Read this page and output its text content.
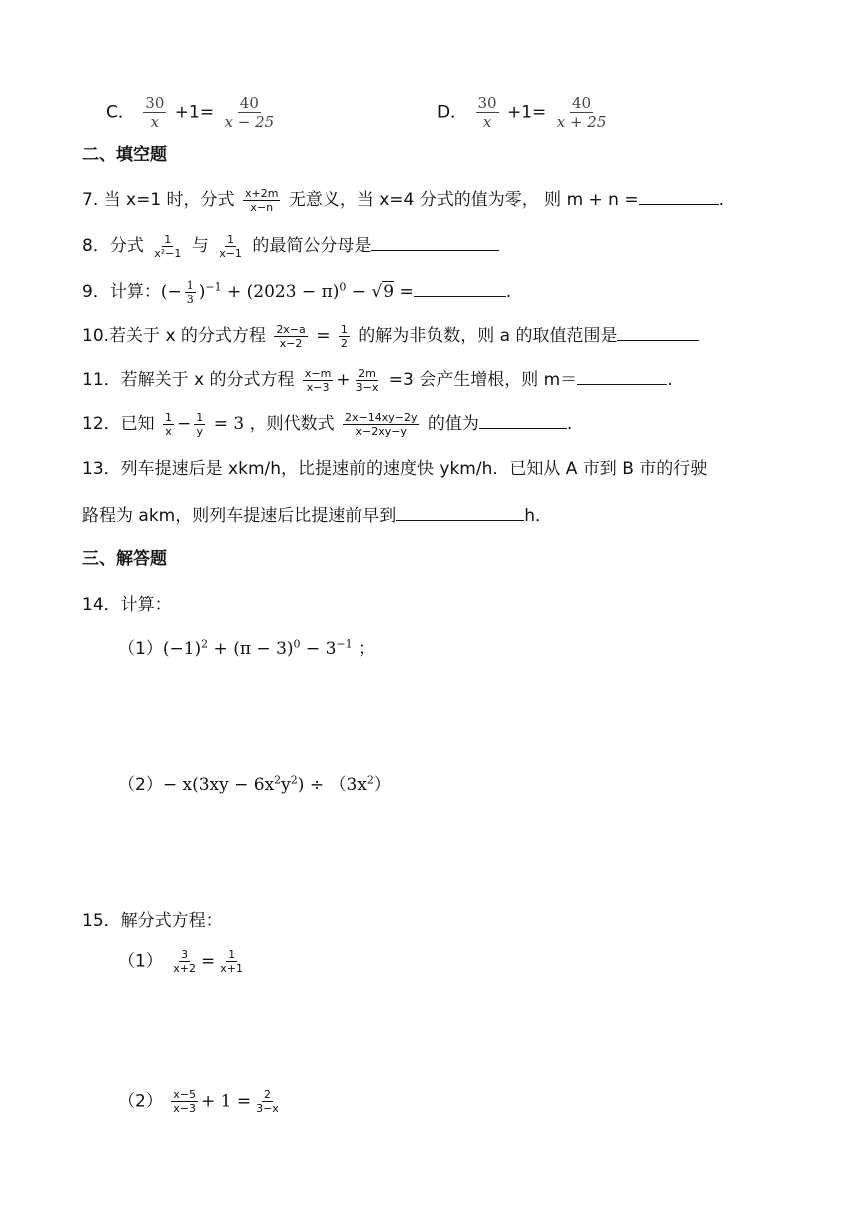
C． $\frac{30}{x} +1= \frac{40}{x - 25}$	D． $\frac{30}{x} +1= \frac{40}{x + 25}$
二、填空题
7. 当 x=1 时，分式 $\frac{x+2m}{x-n}$ 无意义，当 x=4 分式的值为零， 则 m + n =	.
8．分式 $\frac{1}{\text{x²−1}}$ 与 $\frac{1}{x-1}$ 的最简公分母是
9．计算：(− $\frac{1}{3} )^{-1} + (2023 - \pi)^0 - √9$ =	.
10.若关于 x 的分式方程 $\frac{2x-a}{x-2} = \frac{1}{2}$ 的解为非负数，则 a 的取值范围是
11．若解关于 x 的分式方程 $\frac{x-m}{x-3} + \frac{2m}{3-x} =3$ 会产生增根，则 m＝	.
12．已知 $\frac{1}{x} - \frac{1}{y} = 3$ ，则代数式 $\frac{2x-14xy-2y}{x-2xy-y}$ 的值为	.
13．列车提速后是 xkm/h，比提速前的速度快 ykm/h．已知从 A 市到 B 市的行驶
路程为 akm，则列车提速后比提速前早到	h．
三、解答题
14．计算：
$(1)(-1)^2 + (\pi - 3)^0 - 3^{-1}$ ；
$(2)- x(3xy - 6x^2y^2) \div (3x^2)$
15．解分式方程：
$(1) \frac{3}{x+2} = \frac{1}{x+1}$
$(2) \frac{x-5}{x-3} + 1 = \frac{2}{3-x}$
